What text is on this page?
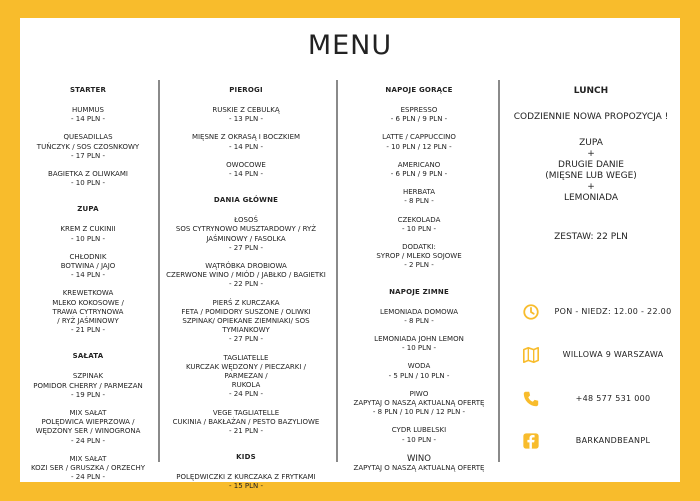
MENU
STARTER
HUMMUS
- 14 PLN -
QUESADILLAS
TUŃCZYK / SOS CZOSNKOWY
- 17 PLN -
BAGIETKA Z OLIWKAMI
- 10 PLN -
ZUPA
KREM Z CUKINII
- 10 PLN -
CHŁODNIK
BOTWINA / JAJO
- 14 PLN -
KREWETKOWA
MLEKO KOKOSOWE /
TRAWA CYTRYNOWA
/ RYŻ JAŚMINOWY
- 21 PLN -
SAŁATA
SZPINAK
POMIDOR CHERRY / PARMEZAN
- 19 PLN -
MIX SAŁAT
POLĘDWICA WIEPRZOWA /
WĘDZONY SER / WINOGRONA
- 24 PLN -
MIX SAŁAT
KOZI SER / GRUSZKA / ORZECHY
- 24 PLN -
PIEROGI
RUSKIE Z CEBULKĄ
- 13 PLN -
MIĘSNE Z OKRASĄ I BOCZKIEM
- 14 PLN -
OWOCOWE
- 14 PLN -
DANIA GŁÓWNE
ŁOSOŚ
SOS CYTRYNOWO MUSZTARDOWY / RYŻ
JAŚMINOWY / FASOLKA
- 27 PLN -
WĄTRÓBKA DROBIOWA
CZERWONE WINO / MIÓD / JABŁKO / BAGIETKI
- 22 PLN -
PIERŚ Z KURCZAKA
FETA / POMIDORY SUSZONE / OLIWKI
SZPINAK/ OPIEKANE ZIEMNIAKI/ SOS
TYMIANKOWY
- 27 PLN -
TAGLIATELLE
KURCZAK WĘDZONY / PIECZARKI / PARMEZAN /
RUKOLA
- 24 PLN -
VEGE TAGLIATELLE
CUKINIA / BAKŁAŻAN / PESTO BAZYLIOWE
- 21 PLN -
KIDS
POLĘDWICZKI Z KURCZAKA Z FRYTKAMI
- 15 PLN -
NAPOJE GORĄCE
ESPRESSO
- 6 PLN / 9 PLN -
LATTE / CAPPUCCINO
- 10 PLN / 12 PLN -
AMERICANO
- 6 PLN / 9 PLN -
HERBATA
- 8 PLN -
CZEKOLADA
- 10 PLN -
DODATKI:
SYROP / MLEKO SOJOWE
- 2 PLN -
NAPOJE ZIMNE
LEMONIADA DOMOWA
- 8 PLN -
LEMONIADA JOHN LEMON
- 10 PLN -
WODA
- 5 PLN / 10 PLN -
PIWO
ZAPYTAJ O NASZĄ AKTUALNĄ OFERTĘ
- 8 PLN / 10 PLN / 12 PLN -
CYDR LUBELSKI
- 10 PLN -
WINO
ZAPYTAJ O NASZĄ AKTUALNĄ OFERTĘ
LUNCH
CODZIENNIE NOWA PROPOZYCJA !
ZUPA
+
DRUGIE DANIE
(MIĘSNE LUB WEGE)
+
LEMONIADA
ZESTAW: 22 PLN
PON - NIEDZ: 12.00 - 22.00
WILLOWA 9 WARSZAWA
+48 577 531 000
BARKANDBEANPL
